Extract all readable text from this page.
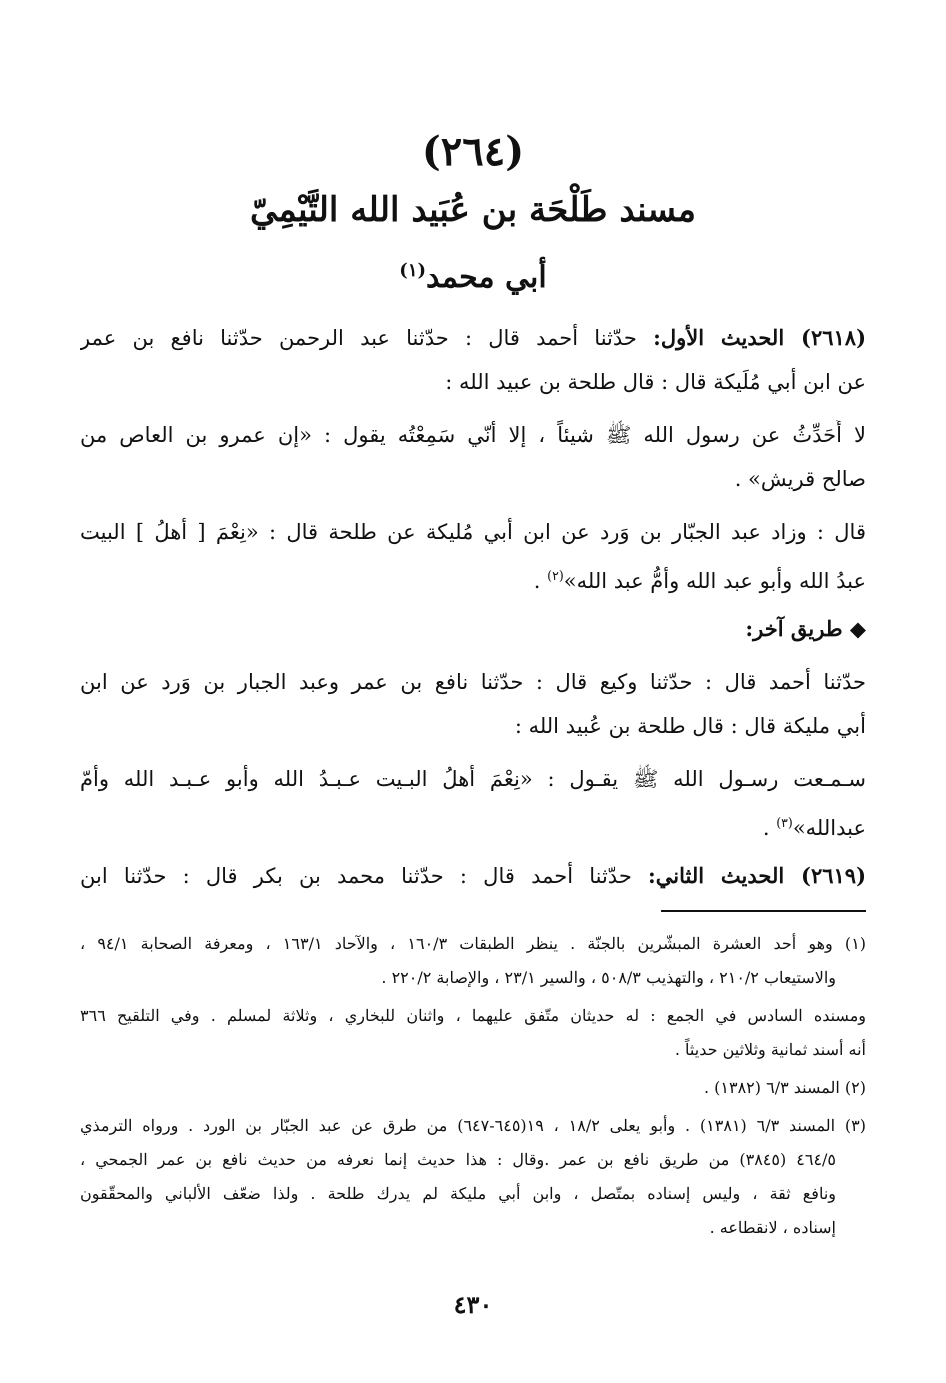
(٢٦٤)
مسند طَلْحَة بن عُبَيد الله التَّيْمِيّ
أبي محمد$^{(١)}$
(٢٦١٨) الحديث الأول: حدّثنا أحمد قال : حدّثنا عبد الرحمن حدّثنا نافع بن عمر
عن ابن أبي مُلَيكة قال : قال طلحة بن عبيد الله :
لا أُحَدِّثُ عن رسول الله ﷺ شيئاً ، إلا أنّي سَمِعْتُه يقول : «إن عمرو بن العاص من
صالح قريش» .
قال : وزاد عبد الجبّار بن وَرد عن ابن أبي مُليكة عن طلحة قال : «نِعْمَ [ أهلُ ] البيت
عبدُ الله وأبو عبد الله وأمُّ عبد الله»$^{(٢)}$ .
◆ طريق آخر:
حدّثنا أحمد قال : حدّثنا وكيع قال : حدّثنا نافع بن عمر وعبد الجبار بن وَرد عن ابن
أبي مليكة قال : قال طلحة بن عُبيد الله :
سـمـعت رسـول الله ﷺ يقـول : «نِعْمَ أهلُ البـيت عـبـدُ الله وأبو عـبـد الله وأمّ
عبدالله»$^{(٣)}$ .
(٢٦١٩) الحديث الثاني: حدّثنا أحمد قال : حدّثنا محمد بن بكر قال : حدّثنا ابن
(١) وهو أحد العشرة المبشّرين بالجنّة . ينظر الطبقات ١٦٠/٣ ، والآحاد ١٦٣/١ ، ومعرفة الصحابة ٩٤/١ ،
والاستيعاب ٢١٠/٢ ، والتهذيب ٥٠٨/٣ ، والسير ٢٣/١ ، والإصابة ٢٢٠/٢ .
ومسنده السادس في الجمع : له حديثان متّفق عليهما ، واثنان للبخاري ، وثلاثة لمسلم . وفي التلقيح ٣٦٦
أنه أسند ثمانية وثلاثين حديثاً .
(٢) المسند ٦/٣ (١٣٨٢) .
(٣) المسند ٦/٣ (١٣٨١) . وأبو يعلى ١٨/٢ ، ١٩(٦٤٥-٦٤٧) من طرق عن عبد الجبّار بن الورد . ورواه الترمذي
٤٦٤/٥ (٣٨٤٥) من طريق نافع بن عمر .وقال : هذا حديث إنما نعرفه من حديث نافع بن عمر الجمحي ،
ونافع ثقة ، وليس إسناده بمتّصل ، وابن أبي مليكة لم يدرك طلحة . ولذا ضعّف الألباني والمحقّقون
إسناده ، لانقطاعه .
٤٣٠
